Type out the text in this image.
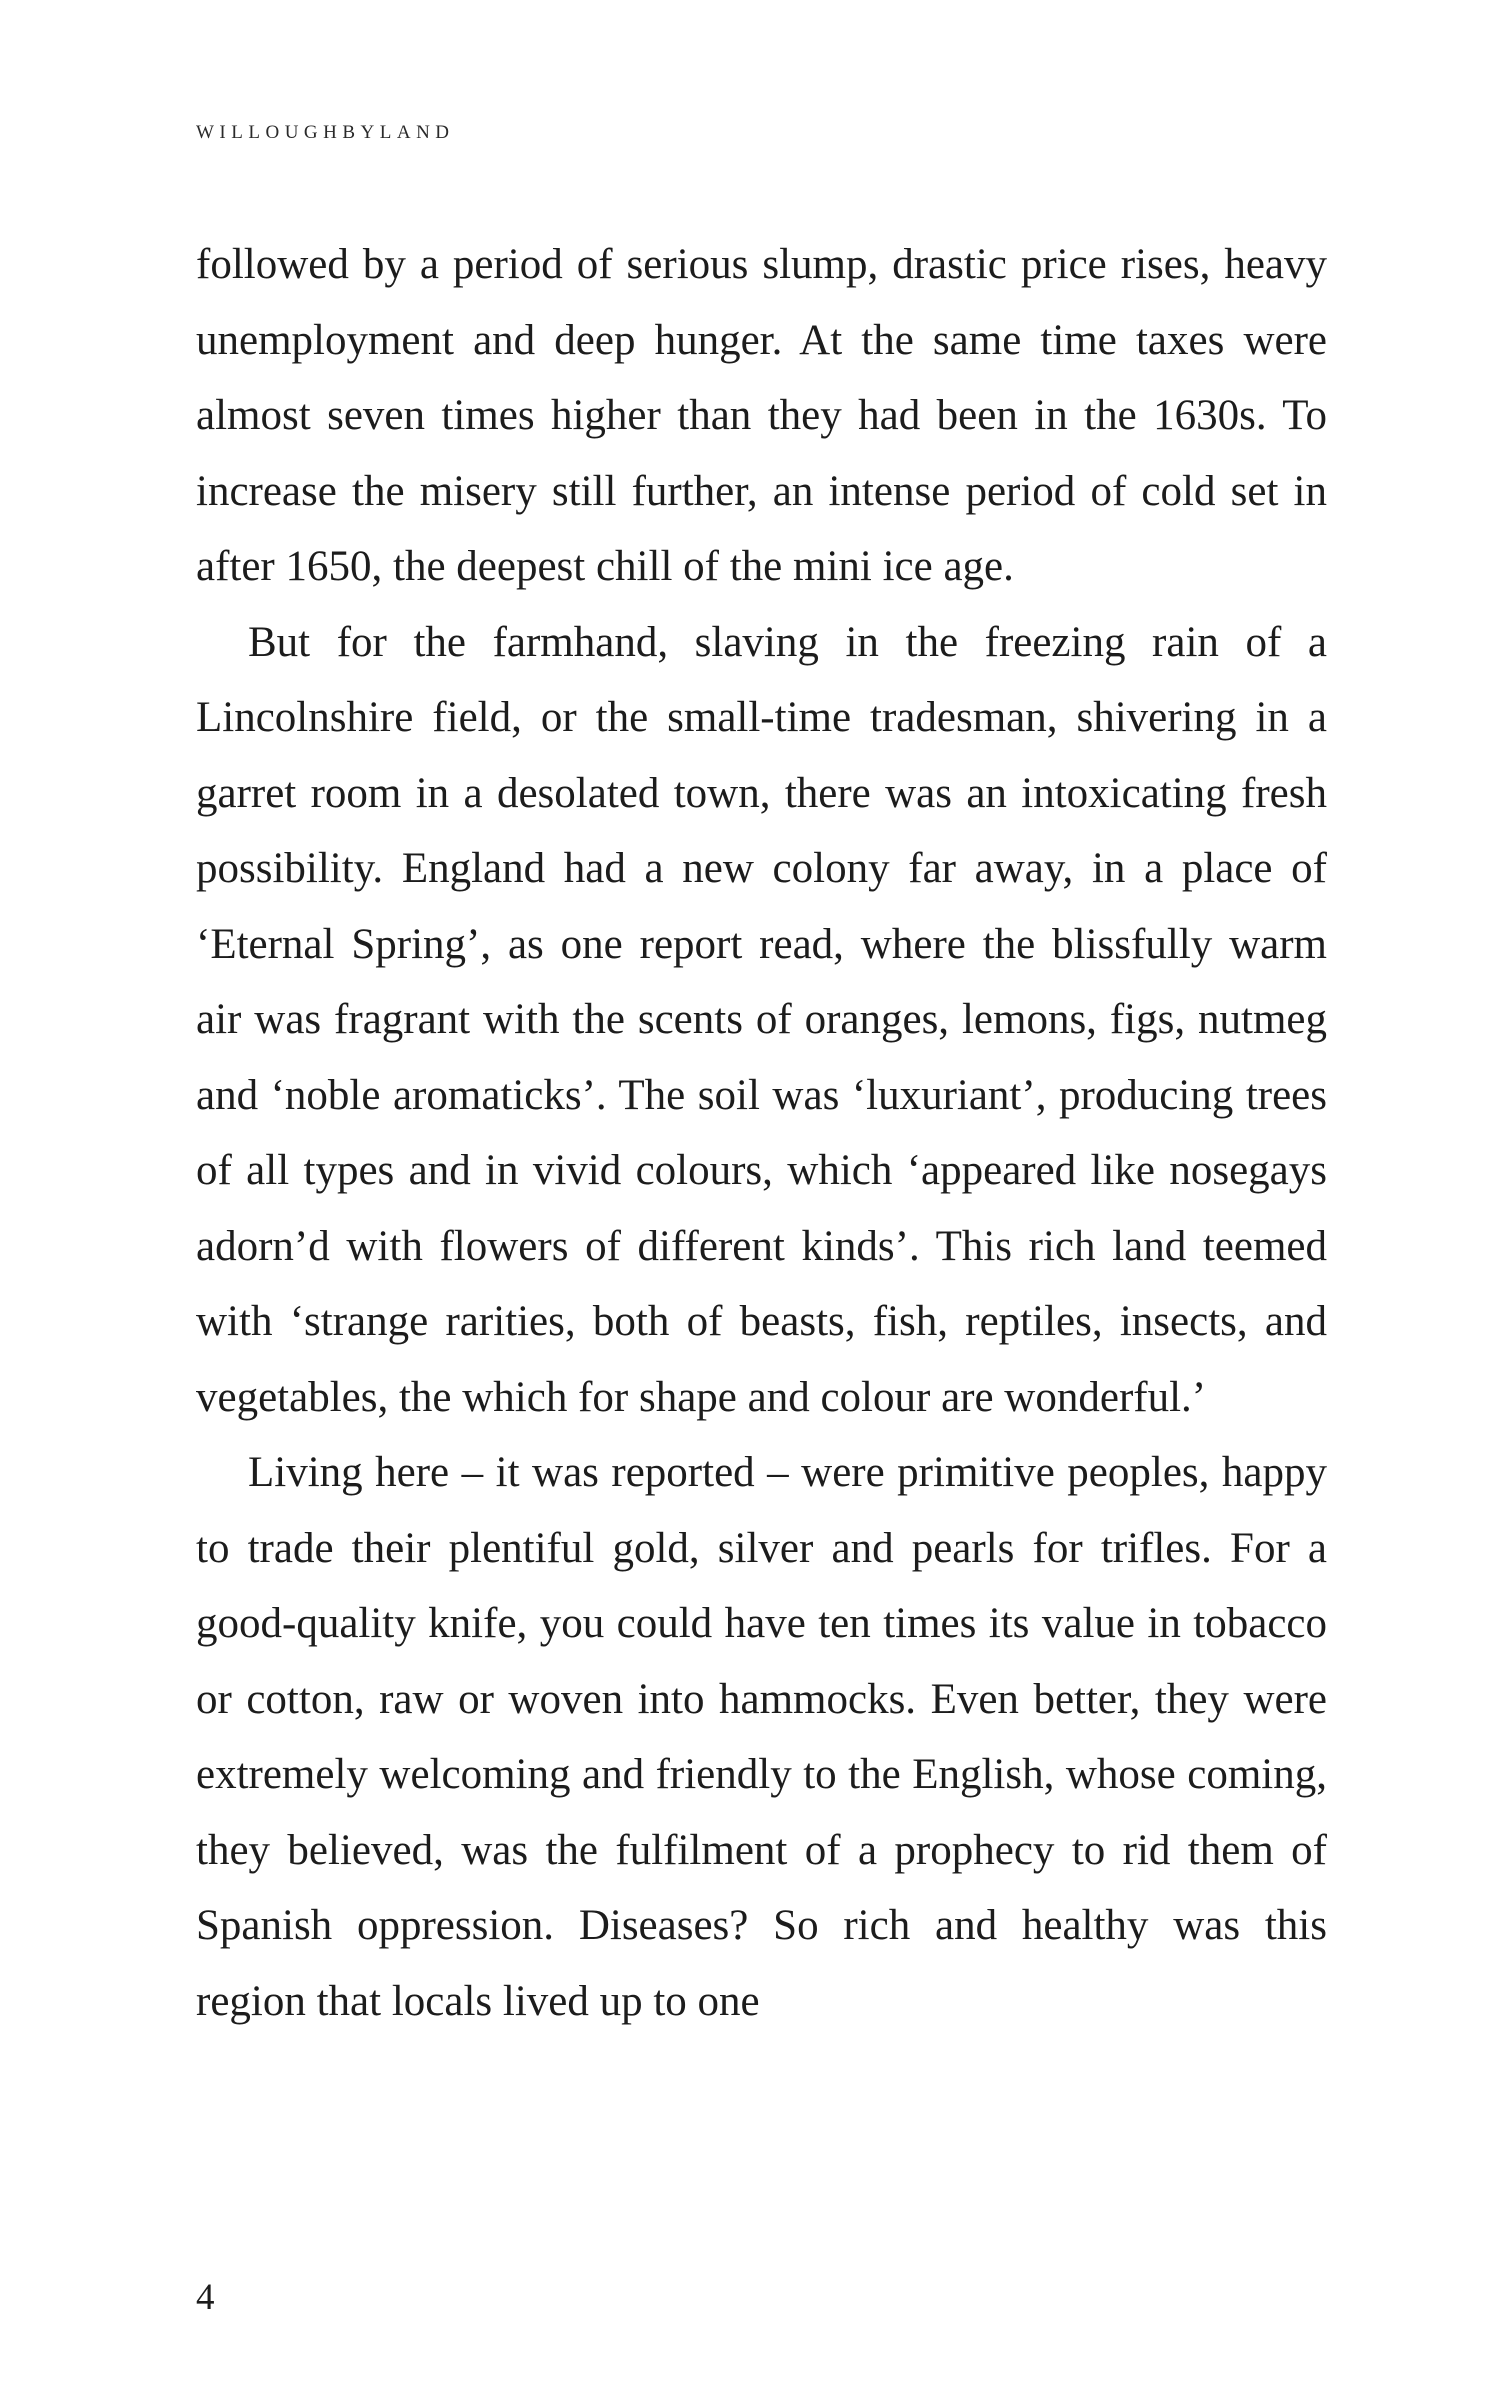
WILLOUGHBYLAND

followed by a period of serious slump, drastic price rises, heavy unemployment and deep hunger. At the same time taxes were almost seven times higher than they had been in the 1630s. To increase the misery still further, an intense period of cold set in after 1650, the deepest chill of the mini ice age.

But for the farmhand, slaving in the freezing rain of a Lincolnshire field, or the small-time tradesman, shivering in a garret room in a desolated town, there was an intoxicating fresh possibility. England had a new colony far away, in a place of ‘Eternal Spring’, as one report read, where the blissfully warm air was fragrant with the scents of oranges, lemons, figs, nutmeg and ‘noble aromaticks’. The soil was ‘luxuriant’, producing trees of all types and in vivid colours, which ‘appeared like nosegays adorn’d with flowers of different kinds’. This rich land teemed with ‘strange rarities, both of beasts, fish, reptiles, insects, and vegetables, the which for shape and colour are wonderful.’

Living here – it was reported – were primitive peoples, happy to trade their plentiful gold, silver and pearls for trifles. For a good-quality knife, you could have ten times its value in tobacco or cotton, raw or woven into hammocks. Even better, they were extremely welcoming and friendly to the English, whose coming, they believed, was the fulfilment of a prophecy to rid them of Spanish oppression. Diseases? So rich and healthy was this region that locals lived up to one

4
